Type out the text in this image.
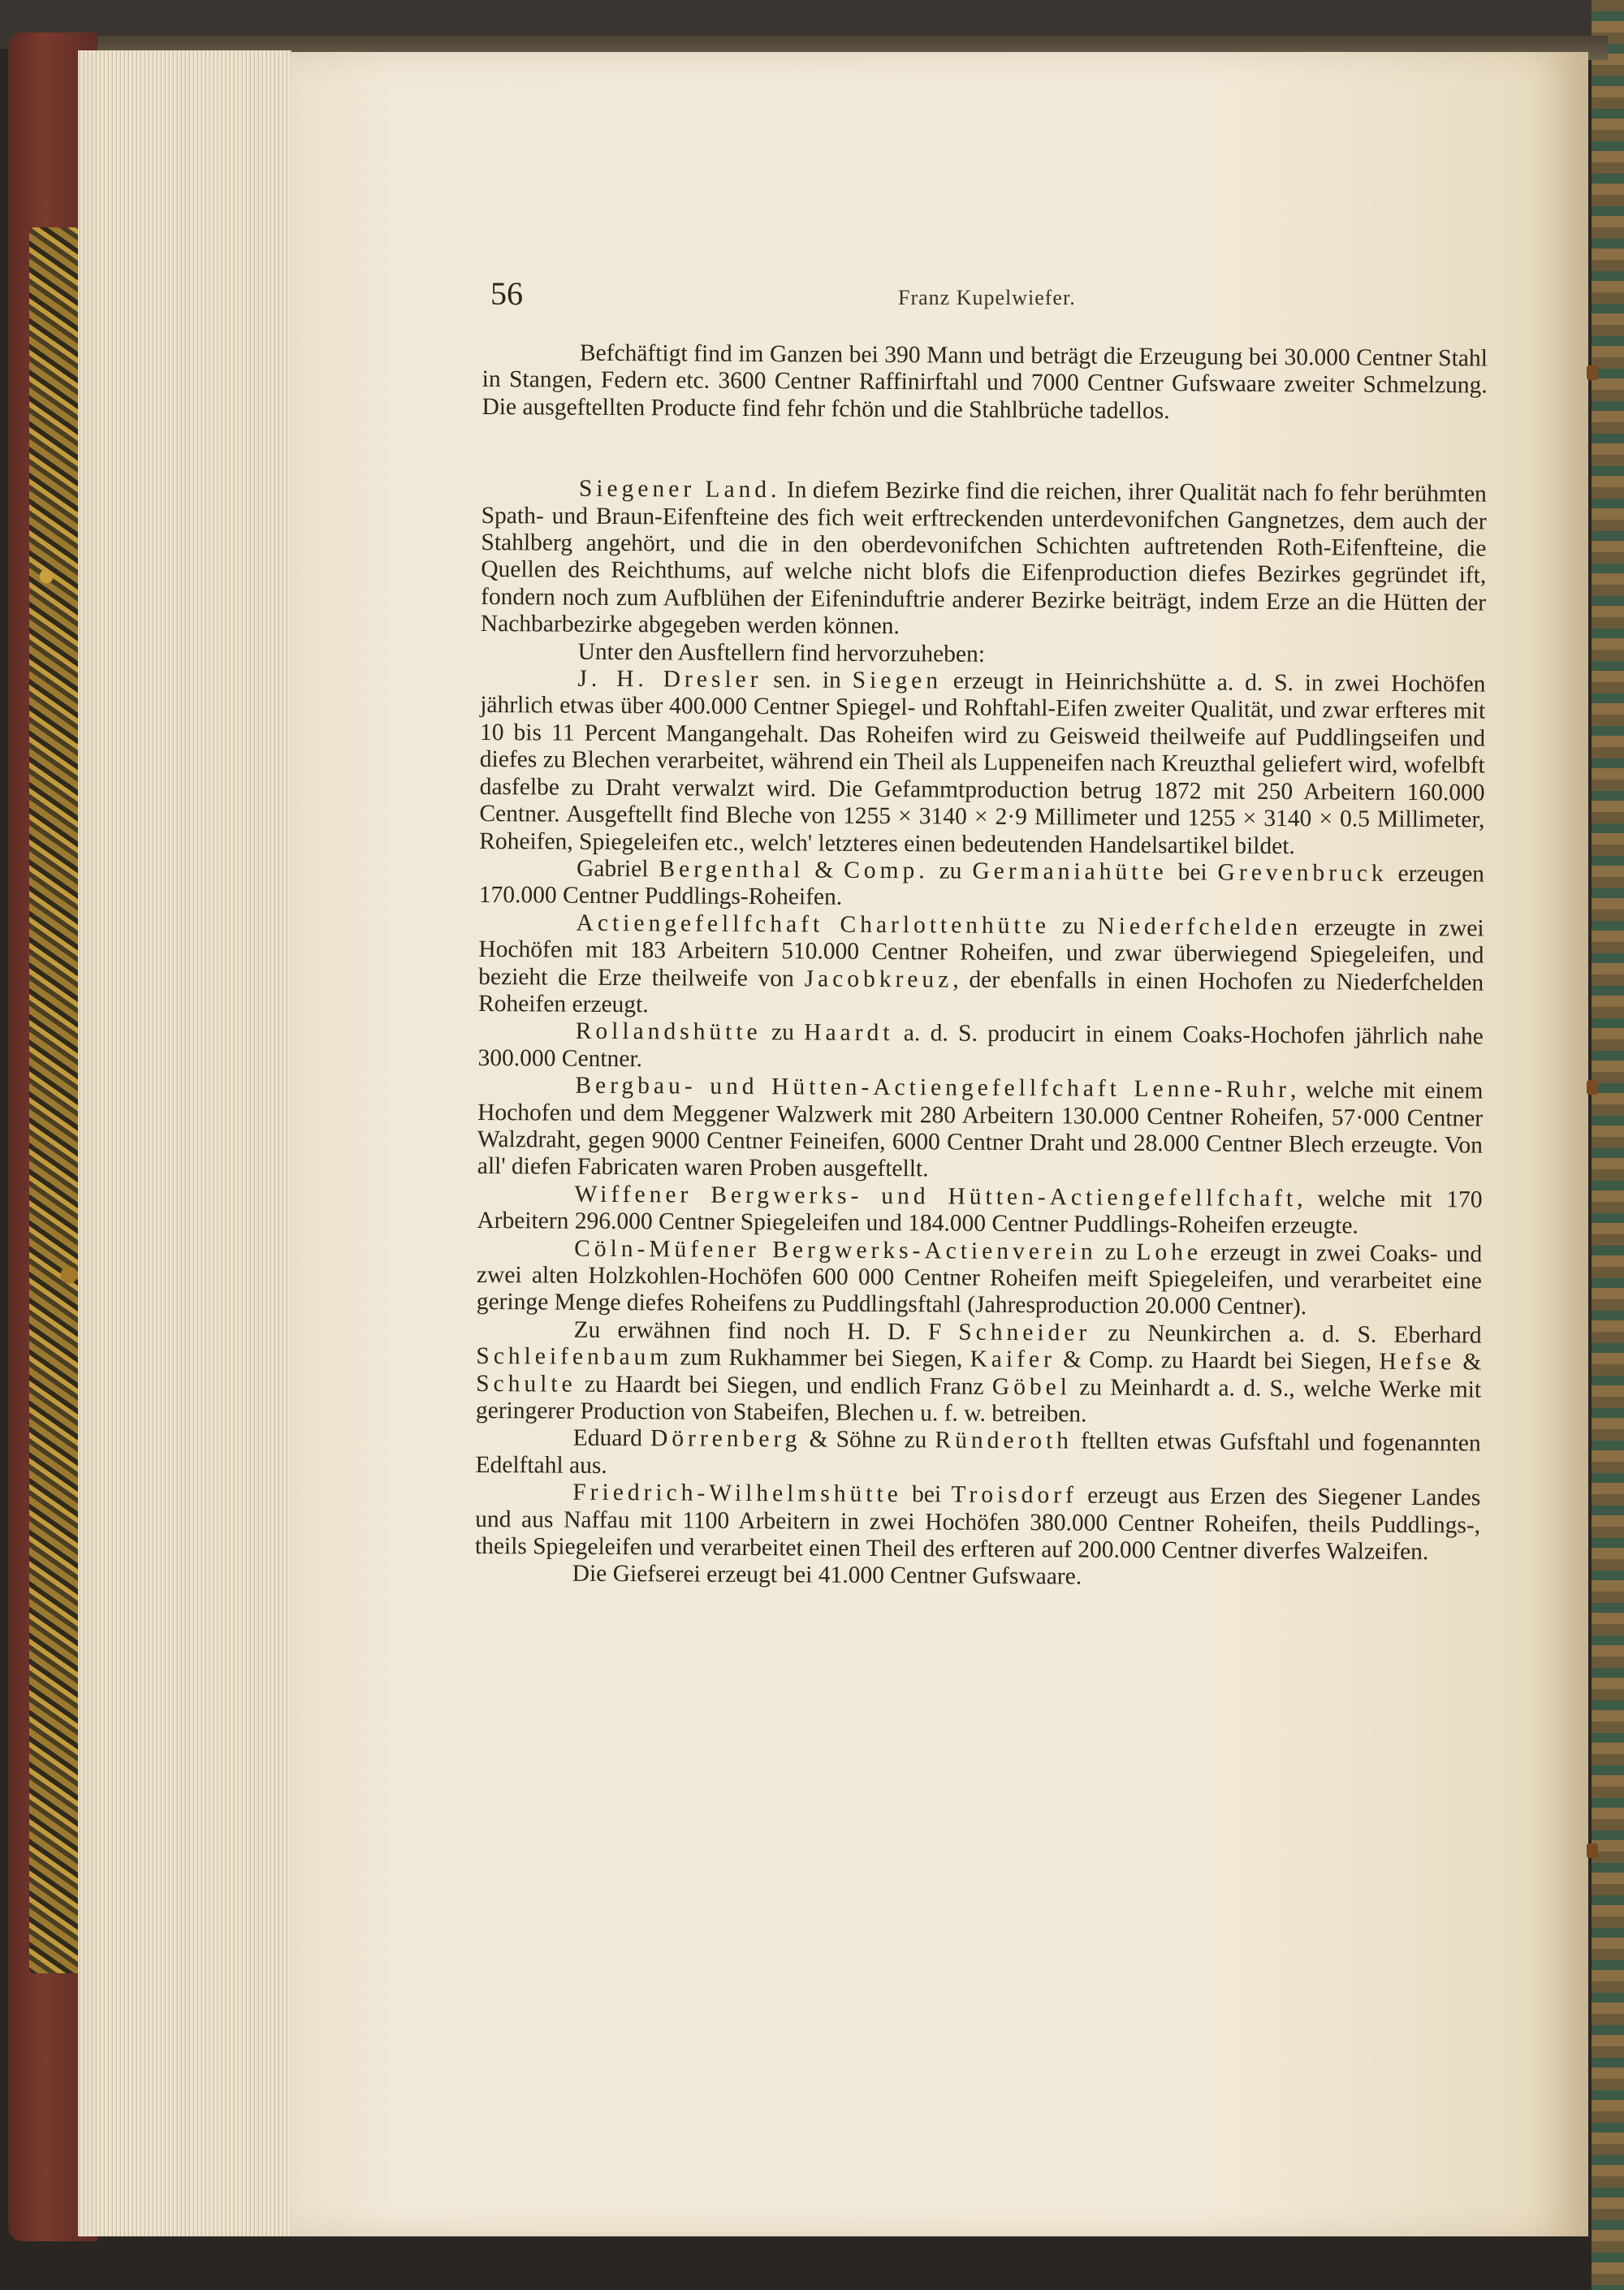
56	Franz Kupelwiefer.

Befchäftigt find im Ganzen bei 390 Mann und beträgt die Erzeugung bei 30.000 Centner Stahl in Stangen, Federn etc. 3600 Centner Raffinirftahl und 7000 Centner Gufswaare zweiter Schmelzung. Die ausgeftellten Producte find fehr fchön und die Stahlbrüche tadellos.

Siegener Land. In diefem Bezirke find die reichen, ihrer Qualität nach fo fehr berühmten Spath- und Braun-Eifenfteine des fich weit erftreckenden unterdevonifchen Gangnetzes, dem auch der Stahlberg angehört, und die in den oberdevonifchen Schichten auftretenden Roth-Eifenfteine, die Quellen des Reichthums, auf welche nicht blofs die Eifenproduction diefes Bezirkes gegründet ift, fondern noch zum Aufblühen der Eifeninduftrie anderer Bezirke beiträgt, indem Erze an die Hütten der Nachbarbezirke abgegeben werden können.

Unter den Ausftellern find hervorzuheben:

J. H. Dresler sen. in Siegen erzeugt in Heinrichshütte a. d. S. in zwei Hochöfen jährlich etwas über 400.000 Centner Spiegel- und Rohftahl-Eifen zweiter Qualität, und zwar erfteres mit 10 bis 11 Percent Mangangehalt. Das Roheifen wird zu Geisweid theilweife auf Puddlingseifen und diefes zu Blechen verarbeitet, während ein Theil als Luppeneifen nach Kreuzthal geliefert wird, wofelbft dasfelbe zu Draht verwalzt wird. Die Gefammtproduction betrug 1872 mit 250 Arbeitern 160.000 Centner. Ausgeftellt find Bleche von 1255 × 3140 × 2·9 Millimeter und 1255 × 3140 × 0.5 Millimeter, Roheifen, Spiegeleifen etc., welch' letzteres einen bedeutenden Handelsartikel bildet.

Gabriel Bergenthal & Comp. zu Germaniahütte bei Grevenbruck erzeugen 170.000 Centner Puddlings-Roheifen.

Actiengefellfchaft Charlottenhütte zu Niederfchelden erzeugte in zwei Hochöfen mit 183 Arbeitern 510.000 Centner Roheifen, und zwar überwiegend Spiegeleifen, und bezieht die Erze theilweife von Jacobkreuz, der ebenfalls in einen Hochofen zu Niederfchelden Roheifen erzeugt.

Rollandshütte zu Haardt a. d. S. producirt in einem Coaks-Hochofen jährlich nahe 300.000 Centner.

Bergbau- und Hütten-Actiengefellfchaft Lenne-Ruhr, welche mit einem Hochofen und dem Meggener Walzwerk mit 280 Arbeitern 130.000 Centner Roheifen, 57·000 Centner Walzdraht, gegen 9000 Centner Feineifen, 6000 Centner Draht und 28.000 Centner Blech erzeugte. Von all' diefen Fabricaten waren Proben ausgeftellt.

Wiffener Bergwerks- und Hütten-Actiengefellfchaft, welche mit 170 Arbeitern 296.000 Centner Spiegeleifen und 184.000 Centner Puddlings-Roheifen erzeugte.

Cöln-Müfener Bergwerks-Actienverein zu Lohe erzeugt in zwei Coaks- und zwei alten Holzkohlen-Hochöfen 600 000 Centner Roheifen meift Spiegeleifen, und verarbeitet eine geringe Menge diefes Roheifens zu Puddlingsftahl (Jahresproduction 20.000 Centner).

Zu erwähnen find noch H. D. F Schneider zu Neunkirchen a. d. S. Eberhard Schleifenbaum zum Rukhammer bei Siegen, Kaifer & Comp. zu Haardt bei Siegen, Hefse & Schulte zu Haardt bei Siegen, und endlich Franz Göbel zu Meinhardt a. d. S., welche Werke mit geringerer Production von Stabeifen, Blechen u. f. w. betreiben.

Eduard Dörrenberg & Söhne zu Ründeroth ftellten etwas Gufsftahl und fogenannten Edelftahl aus.

Friedrich-Wilhelmshütte bei Troisdorf erzeugt aus Erzen des Siegener Landes und aus Naffau mit 1100 Arbeitern in zwei Hochöfen 380.000 Centner Roheifen, theils Puddlings-, theils Spiegeleifen und verarbeitet einen Theil des erfteren auf 200.000 Centner diverfes Walzeifen.

Die Giefserei erzeugt bei 41.000 Centner Gufswaare.
